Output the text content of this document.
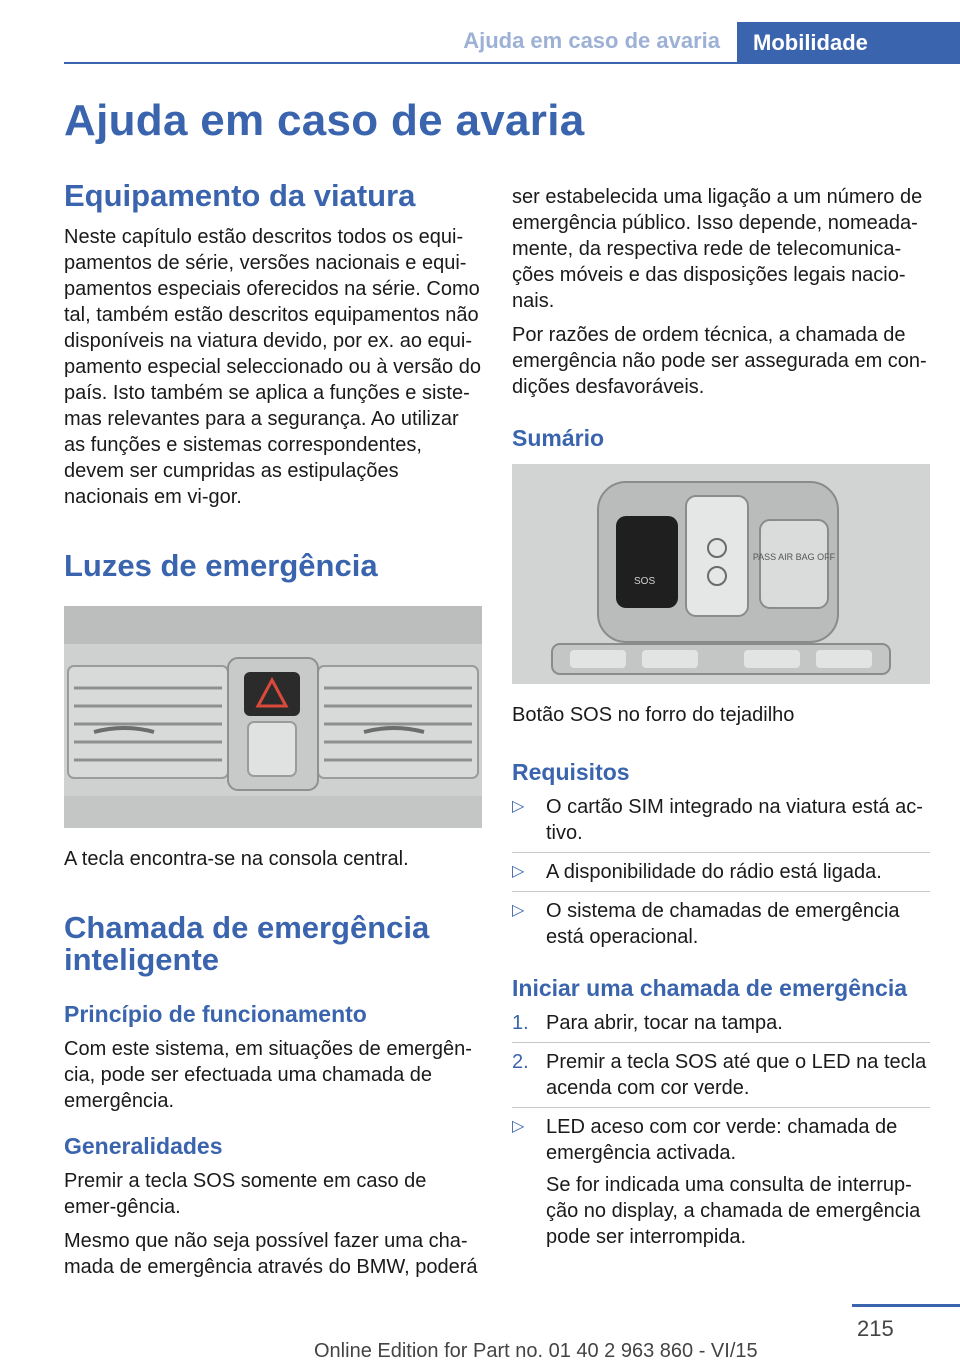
Ajuda em caso de avaria	Mobilidade
Ajuda em caso de avaria
Equipamento da viatura

Neste capítulo estão descritos todos os equi-pamentos de série, versões nacionais e equi-pamentos especiais oferecidos na série. Como tal, também estão descritos equipamentos não disponíveis na viatura devido, por ex. ao equi-pamento especial seleccionado ou à versão do país. Isto também se aplica a funções e siste-mas relevantes para a segurança. Ao utilizar as funções e sistemas correspondentes, devem ser cumpridas as estipulações nacionais em vi-gor.

Luzes de emergência

A tecla encontra-se na consola central.

Chamada de emergência inteligente
Princípio de funcionamento

Com este sistema, em situações de emergên-cia, pode ser efectuada uma chamada de emergência.

Generalidades

Premir a tecla SOS somente em caso de emer-gência.

Mesmo que não seja possível fazer uma cha-mada de emergência através do BMW, poderá

ser estabelecida uma ligação a um número de emergência público. Isso depende, nomeada-mente, da respectiva rede de telecomunica-ções móveis e das disposições legais nacio-nais.

Por razões de ordem técnica, a chamada de emergência não pode ser assegurada em con-dições desfavoráveis.

Sumário
SOS
PASS AIR BAG OFF

Botão SOS no forro do tejadilho

Requisitos
▷ O cartão SIM integrado na viatura está ac-tivo.
▷ A disponibilidade do rádio está ligada.
▷ O sistema de chamadas de emergência está operacional.
Iniciar uma chamada de emergência
1. Para abrir, tocar na tampa.
2. Premir a tecla SOS até que o LED na tecla acenda com cor verde.
▷ LED aceso com cor verde: chamada de emergência activada.

Se for indicada uma consulta de interrup-ção no display, a chamada de emergência pode ser interrompida.

215
Online Edition for Part no. 01 40 2 963 860 - VI/15
